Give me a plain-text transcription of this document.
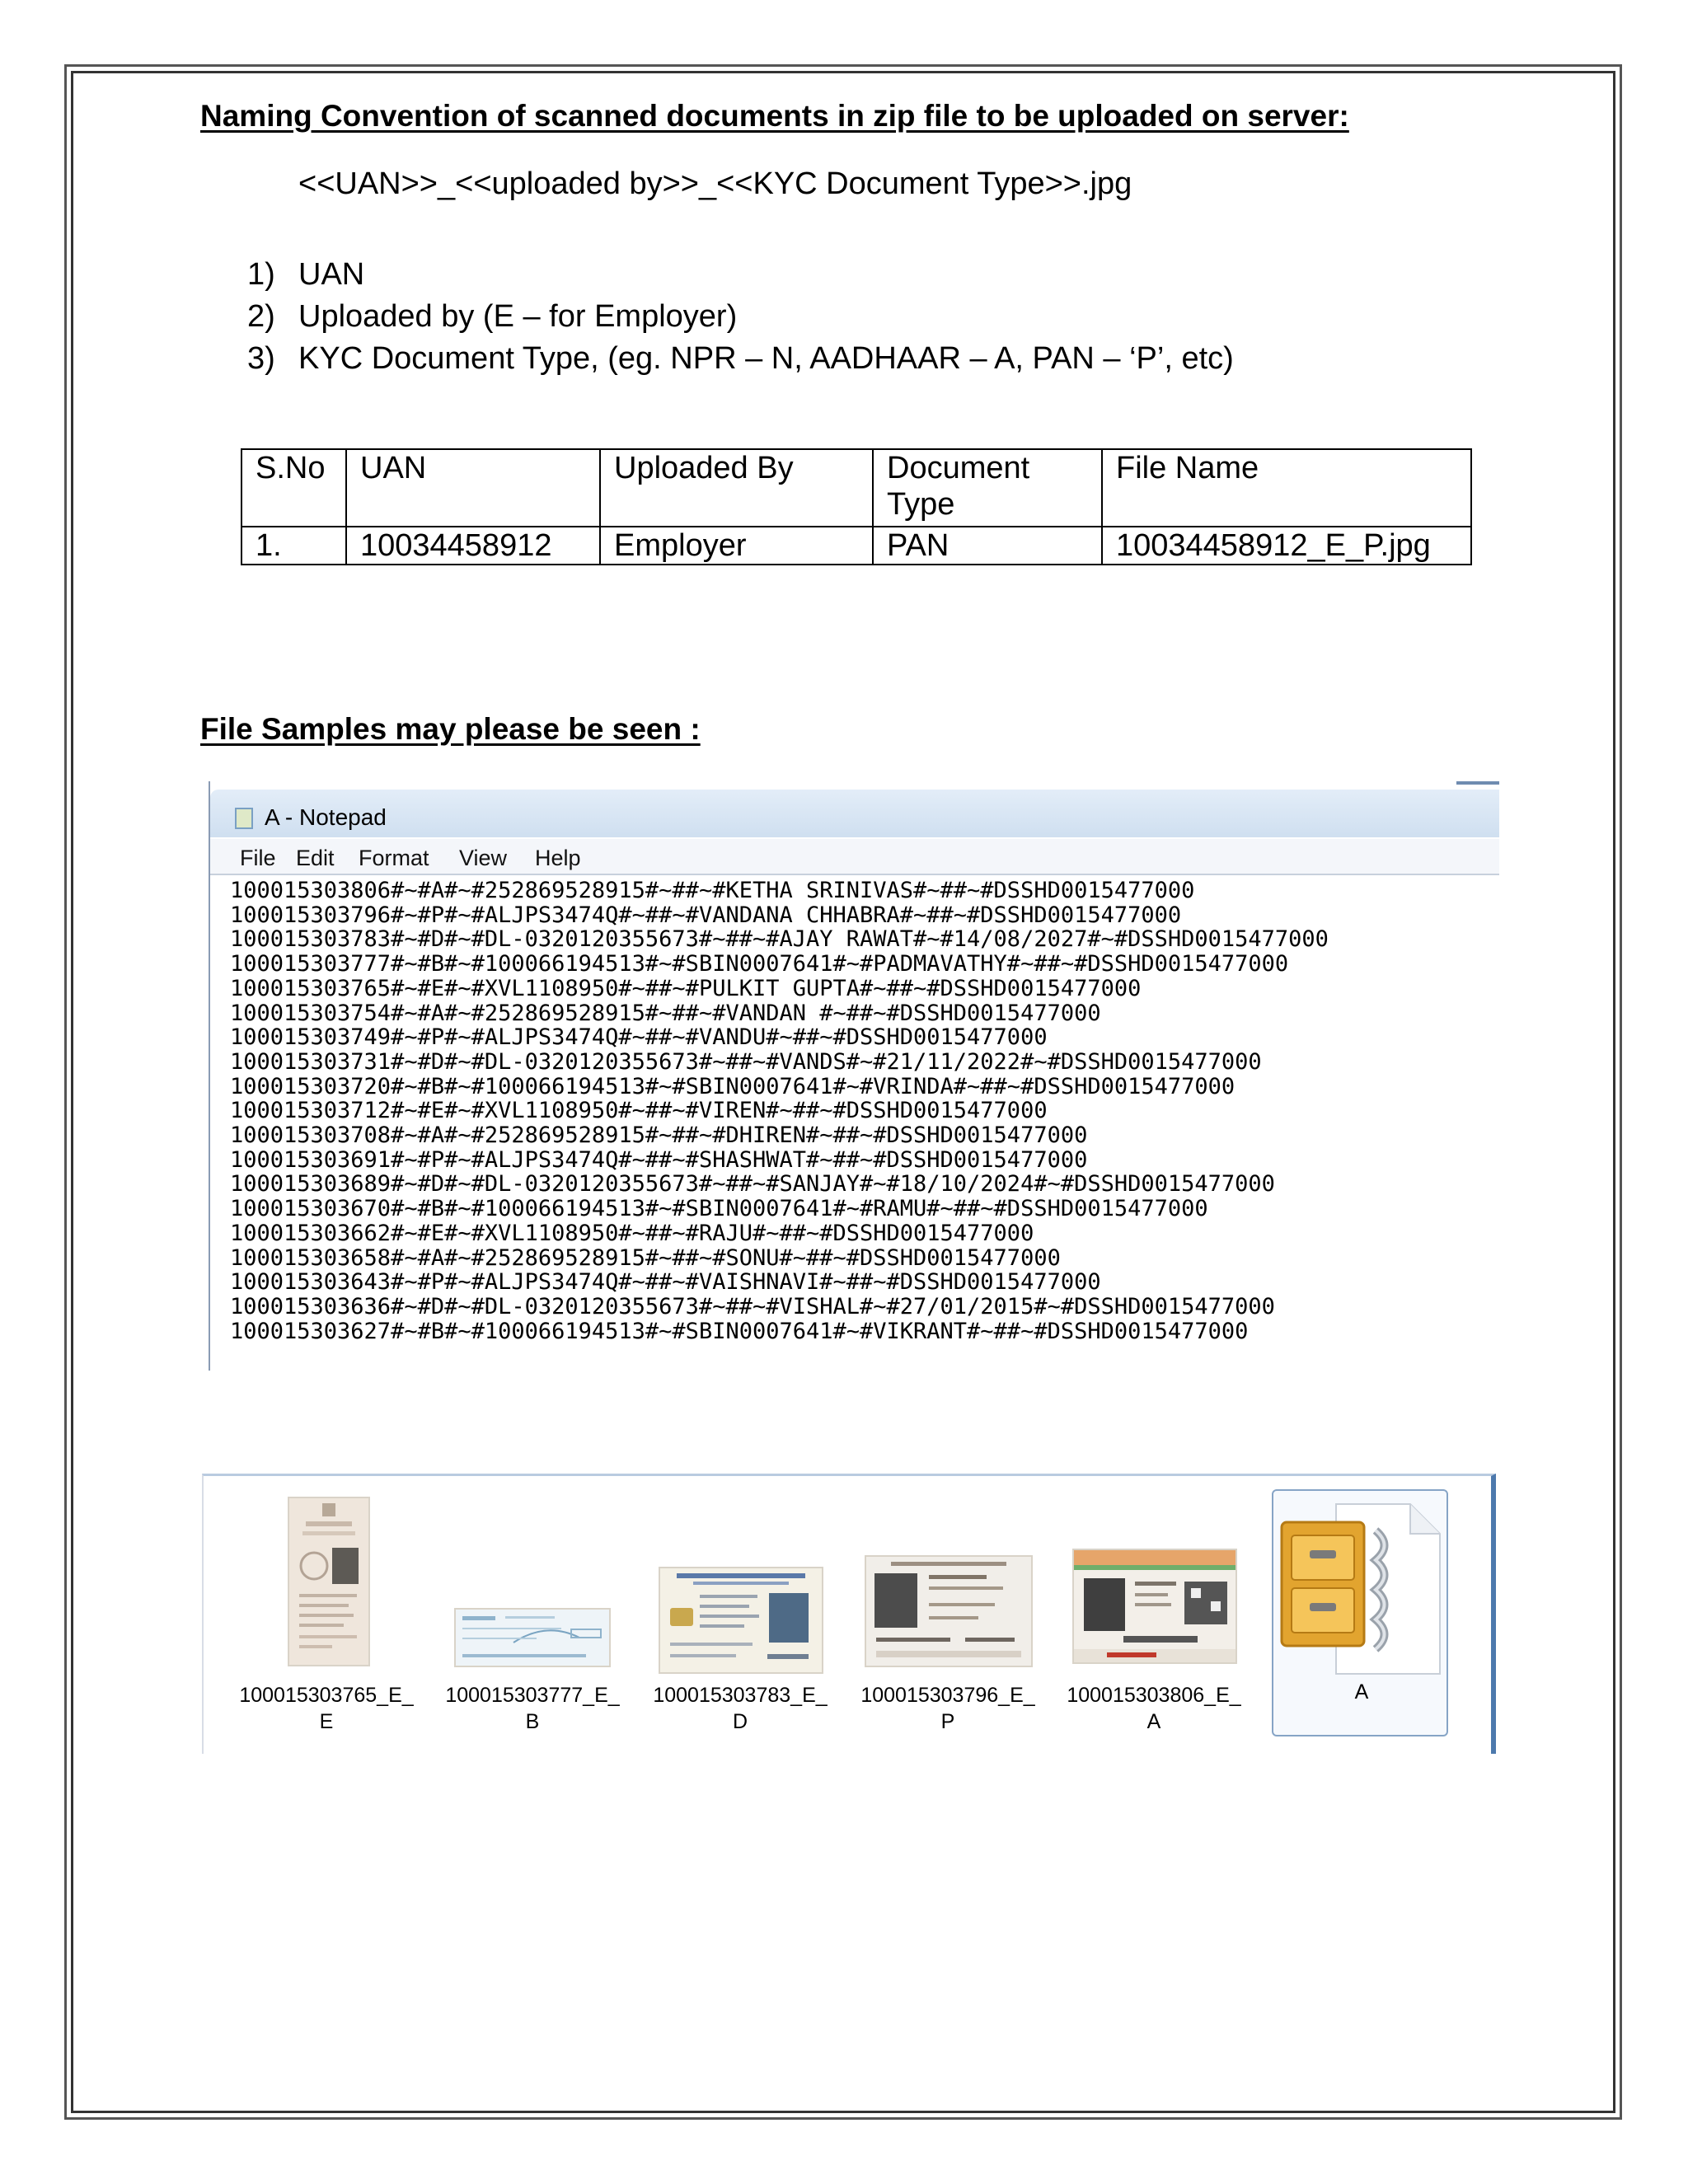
Naming Convention of scanned documents in zip file to be uploaded on server:
<<UAN>>_<<uploaded by>>_<<KYC Document Type>>.jpg
1) UAN
2) Uploaded by (E – for Employer)
3) KYC Document Type, (eg. NPR – N, AADHAAR – A, PAN – ‘P’, etc)
S.No	UAN	Uploaded By	Document Type	File Name
1.	10034458912	Employer	PAN	10034458912_E_P.jpg
File Samples may please be seen :
A - Notepad
File Edit Format View Help
100015303806#~#A#~#252869528915#~##~#KETHA SRINIVAS#~##~#DSSHD0015477000
100015303796#~#P#~#ALJPS3474Q#~##~#VANDANA CHHABRA#~##~#DSSHD0015477000
100015303783#~#D#~#DL-0320120355673#~##~#AJAY RAWAT#~#14/08/2027#~#DSSHD0015477000
100015303777#~#B#~#100066194513#~#SBIN0007641#~#PADMAVATHY#~##~#DSSHD0015477000
100015303765#~#E#~#XVL1108950#~##~#PULKIT GUPTA#~##~#DSSHD0015477000
100015303754#~#A#~#252869528915#~##~#VANDAN #~##~#DSSHD0015477000
100015303749#~#P#~#ALJPS3474Q#~##~#VANDU#~##~#DSSHD0015477000
100015303731#~#D#~#DL-0320120355673#~##~#VANDS#~#21/11/2022#~#DSSHD0015477000
100015303720#~#B#~#100066194513#~#SBIN0007641#~#VRINDA#~##~#DSSHD0015477000
100015303712#~#E#~#XVL1108950#~##~#VIREN#~##~#DSSHD0015477000
100015303708#~#A#~#252869528915#~##~#DHIREN#~##~#DSSHD0015477000
100015303691#~#P#~#ALJPS3474Q#~##~#SHASHWAT#~##~#DSSHD0015477000
100015303689#~#D#~#DL-0320120355673#~##~#SANJAY#~#18/10/2024#~#DSSHD0015477000
100015303670#~#B#~#100066194513#~#SBIN0007641#~#RAMU#~##~#DSSHD0015477000
100015303662#~#E#~#XVL1108950#~##~#RAJU#~##~#DSSHD0015477000
100015303658#~#A#~#252869528915#~##~#SONU#~##~#DSSHD0015477000
100015303643#~#P#~#ALJPS3474Q#~##~#VAISHNAVI#~##~#DSSHD0015477000
100015303636#~#D#~#DL-0320120355673#~##~#VISHAL#~#27/01/2015#~#DSSHD0015477000
100015303627#~#B#~#100066194513#~#SBIN0007641#~#VIKRANT#~##~#DSSHD0015477000
100015303765_E_
E
100015303777_E_
B
100015303783_E_
D
100015303796_E_
P
100015303806_E_
A
A
